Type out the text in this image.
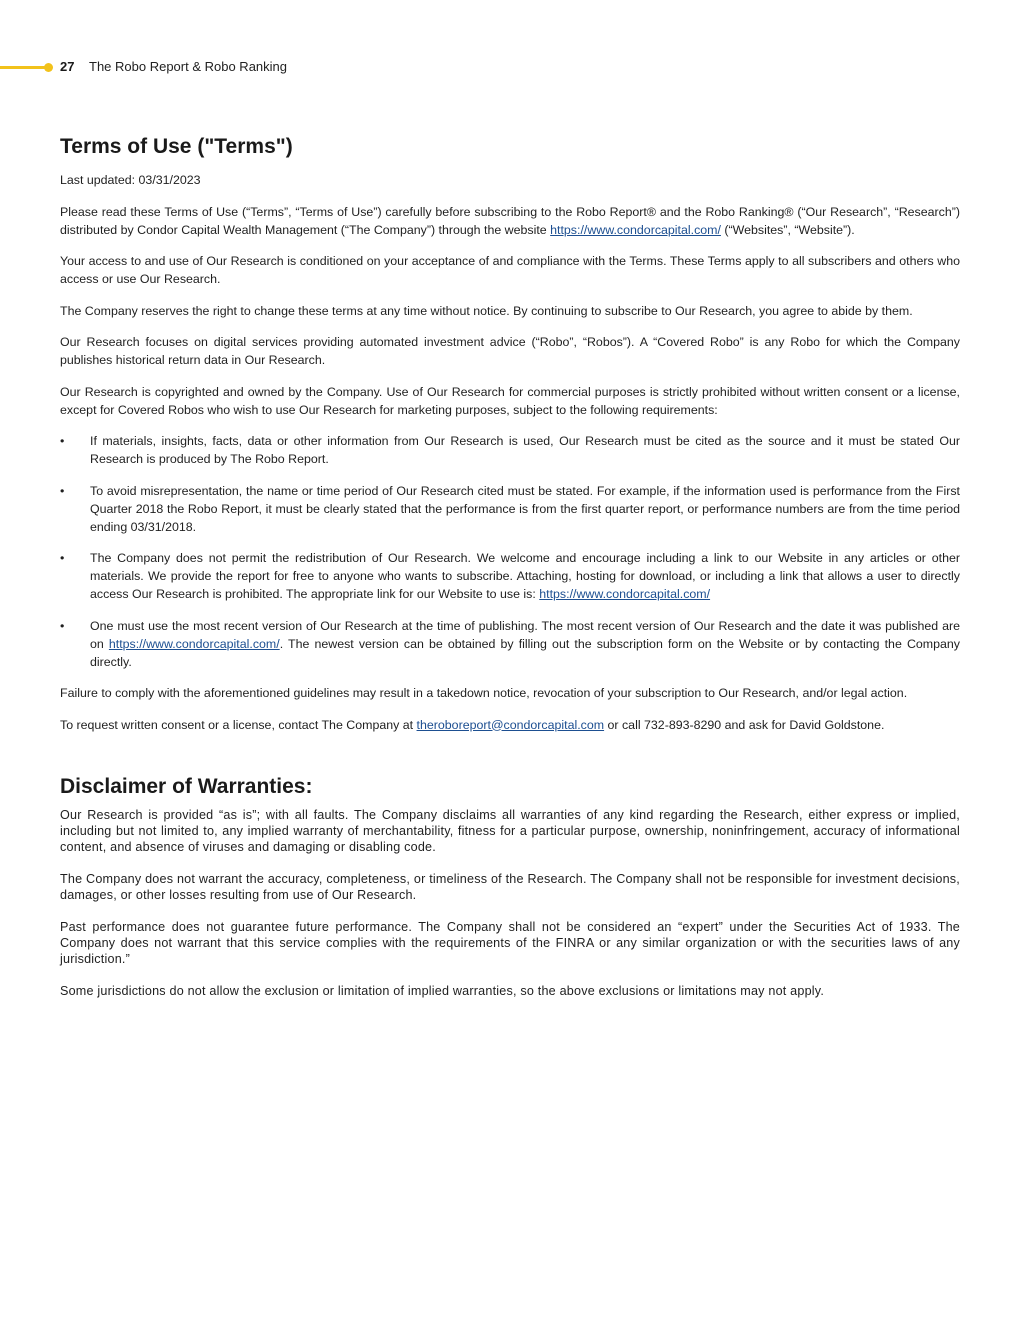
27 The Robo Report & Robo Ranking
Terms of Use ("Terms")

Last updated: 03/31/2023

Please read these Terms of Use (“Terms”, “Terms of Use”) carefully before subscribing to the Robo Report® and the Robo Ranking® (“Our Research”, “Research”) distributed by Condor Capital Wealth Management (“The Company”) through the website https://www.condorcapital.com/ (“Websites”, “Website”).

Your access to and use of Our Research is conditioned on your acceptance of and compliance with the Terms. These Terms apply to all subscribers and others who access or use Our Research.

The Company reserves the right to change these terms at any time without notice. By continuing to subscribe to Our Research, you agree to abide by them.

Our Research focuses on digital services providing automated investment advice (“Robo”, “Robos”). A “Covered Robo” is any Robo for which the Company publishes historical return data in Our Research.

Our Research is copyrighted and owned by the Company. Use of Our Research for commercial purposes is strictly prohibited without written consent or a license, except for Covered Robos who wish to use Our Research for marketing purposes, subject to the following requirements:

• If materials, insights, facts, data or other information from Our Research is used, Our Research must be cited as the source and it must be stated Our Research is produced by The Robo Report.
• To avoid misrepresentation, the name or time period of Our Research cited must be stated. For example, if the information used is performance from the First Quarter 2018 the Robo Report, it must be clearly stated that the performance is from the first quarter report, or performance numbers are from the time period ending 03/31/2018.
• The Company does not permit the redistribution of Our Research. We welcome and encourage including a link to our Website in any articles or other materials. We provide the report for free to anyone who wants to subscribe. Attaching, hosting for download, or including a link that allows a user to directly access Our Research is prohibited. The appropriate link for our Website to use is: https://www.condorcapital.com/
• One must use the most recent version of Our Research at the time of publishing. The most recent version of Our Research and the date it was published are on https://www.condorcapital.com/. The newest version can be obtained by filling out the subscription form on the Website or by contacting the Company directly.

Failure to comply with the aforementioned guidelines may result in a takedown notice, revocation of your subscription to Our Research, and/or legal action.

To request written consent or a license, contact The Company at theroboreport@condorcapital.com or call 732-893-8290 and ask for David Goldstone.

Disclaimer of Warranties:

Our Research is provided “as is”; with all faults. The Company disclaims all warranties of any kind regarding the Research, either express or implied, including but not limited to, any implied warranty of merchantability, fitness for a particular purpose, ownership, noninfringement, accuracy of informational content, and absence of viruses and damaging or disabling code.

The Company does not warrant the accuracy, completeness, or timeliness of the Research. The Company shall not be responsible for investment decisions, damages, or other losses resulting from use of Our Research.

Past performance does not guarantee future performance. The Company shall not be considered an “expert” under the Securities Act of 1933. The Company does not warrant that this service complies with the requirements of the FINRA or any similar organization or with the securities laws of any jurisdiction.”

Some jurisdictions do not allow the exclusion or limitation of implied warranties, so the above exclusions or limitations may not apply.
